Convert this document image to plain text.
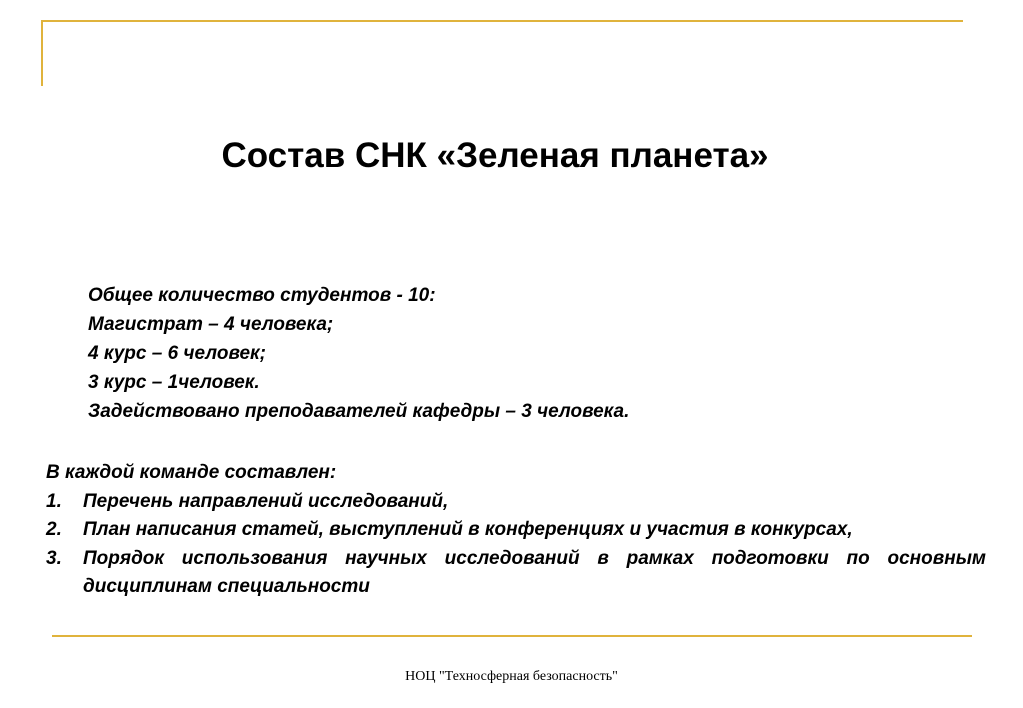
Состав СНК «Зеленая планета»
Общее количество студентов - 10:
Магистрат – 4 человека;
4 курс – 6 человек;
3 курс – 1человек.
Задействовано преподавателей кафедры – 3 человека.
В каждой команде составлен:
1. Перечень направлений исследований,
2. План написания статей, выступлений в конференциях и участия в конкурсах,
3. Порядок использования научных исследований в рамках подготовки по основным дисциплинам специальности
НОЦ "Техносферная безопасность"
